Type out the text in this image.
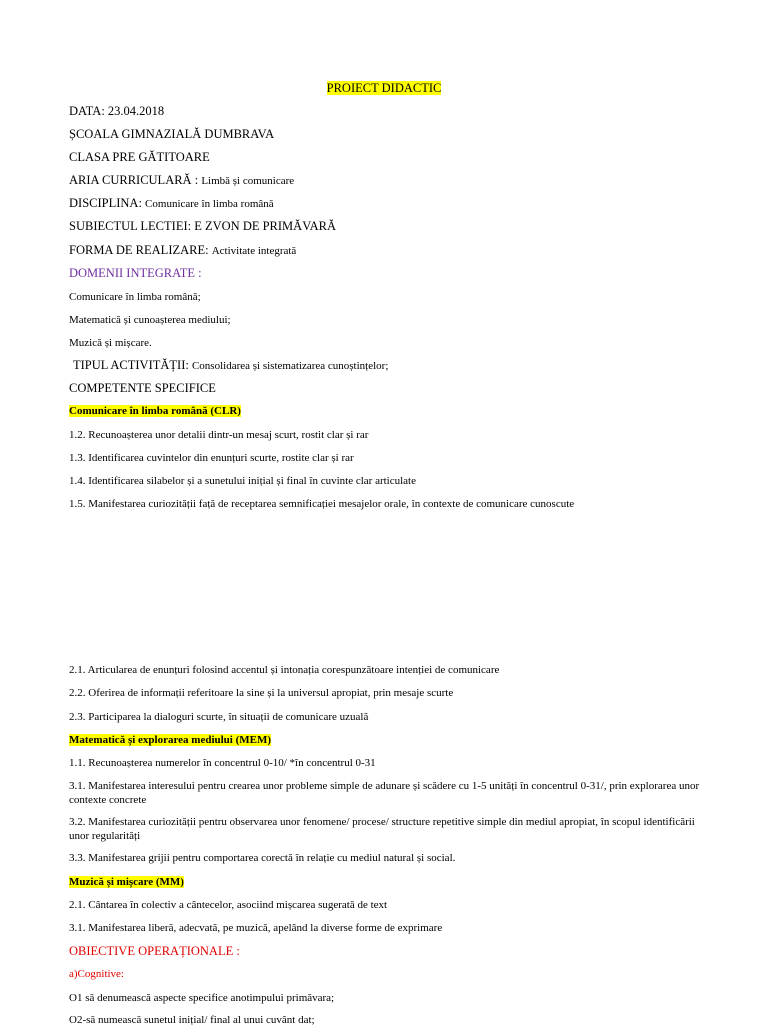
PROIECT DIDACTIC
DATA: 23.04.2018
ȘCOALA GIMNAZIALĂ DUMBRAVA
CLASA PRE GĂTITOARE
ARIA CURRICULARĂ : Limbă și comunicare
DISCIPLINA: Comunicare în limba română
SUBIECTUL LECTIEI: E ZVON DE PRIMĂVARĂ
FORMA DE REALIZARE: Activitate integrată
DOMENII INTEGRATE :
Comunicare în limba română;
Matematică și cunoașterea mediului;
Muzică și mișcare.
TIPUL ACTIVITĂȚII: Consolidarea și sistematizarea cunoștințelor;
COMPETENTE SPECIFICE
Comunicare în limba română (CLR)
1.2. Recunoașterea unor detalii dintr-un mesaj scurt, rostit clar și rar
1.3. Identificarea cuvintelor din enunțuri scurte, rostite clar și rar
1.4. Identificarea silabelor și a sunetului inițial și final în cuvinte clar articulate
1.5. Manifestarea curiozității față de receptarea semnificației mesajelor orale, în contexte de comunicare cunoscute
2.1. Articularea de enunțuri folosind accentul și intonația corespunzătoare intenției de comunicare
2.2. Oferirea de informații referitoare la sine și la universul apropiat, prin mesaje scurte
2.3. Participarea la dialoguri scurte, în situații de comunicare uzuală
Matematică și explorarea mediului (MEM)
1.1. Recunoașterea numerelor în concentrul 0-10/ *în concentrul 0-31
3.1. Manifestarea interesului pentru crearea unor probleme simple de adunare și scădere cu 1-5 unități în concentrul 0-31/, prin explorarea unor contexte concrete
3.2. Manifestarea curiozității pentru observarea unor fenomene/ procese/ structure repetitive simple din mediul apropiat, în scopul identificării unor regularități
3.3. Manifestarea grijii pentru comportarea corectă în relație cu mediul natural și social.
Muzică și mișcare (MM)
2.1. Cântarea în colectiv a cântecelor, asociind mișcarea sugerată de text
3.1. Manifestarea liberă, adecvată, pe muzică, apelând la diverse forme de exprimare
OBIECTIVE OPERAȚIONALE :
a)Cognitive:
O1 să denumească aspecte specifice anotimpului primăvara;
O2-să numească sunetul inițial/ final al unui cuvânt dat;
